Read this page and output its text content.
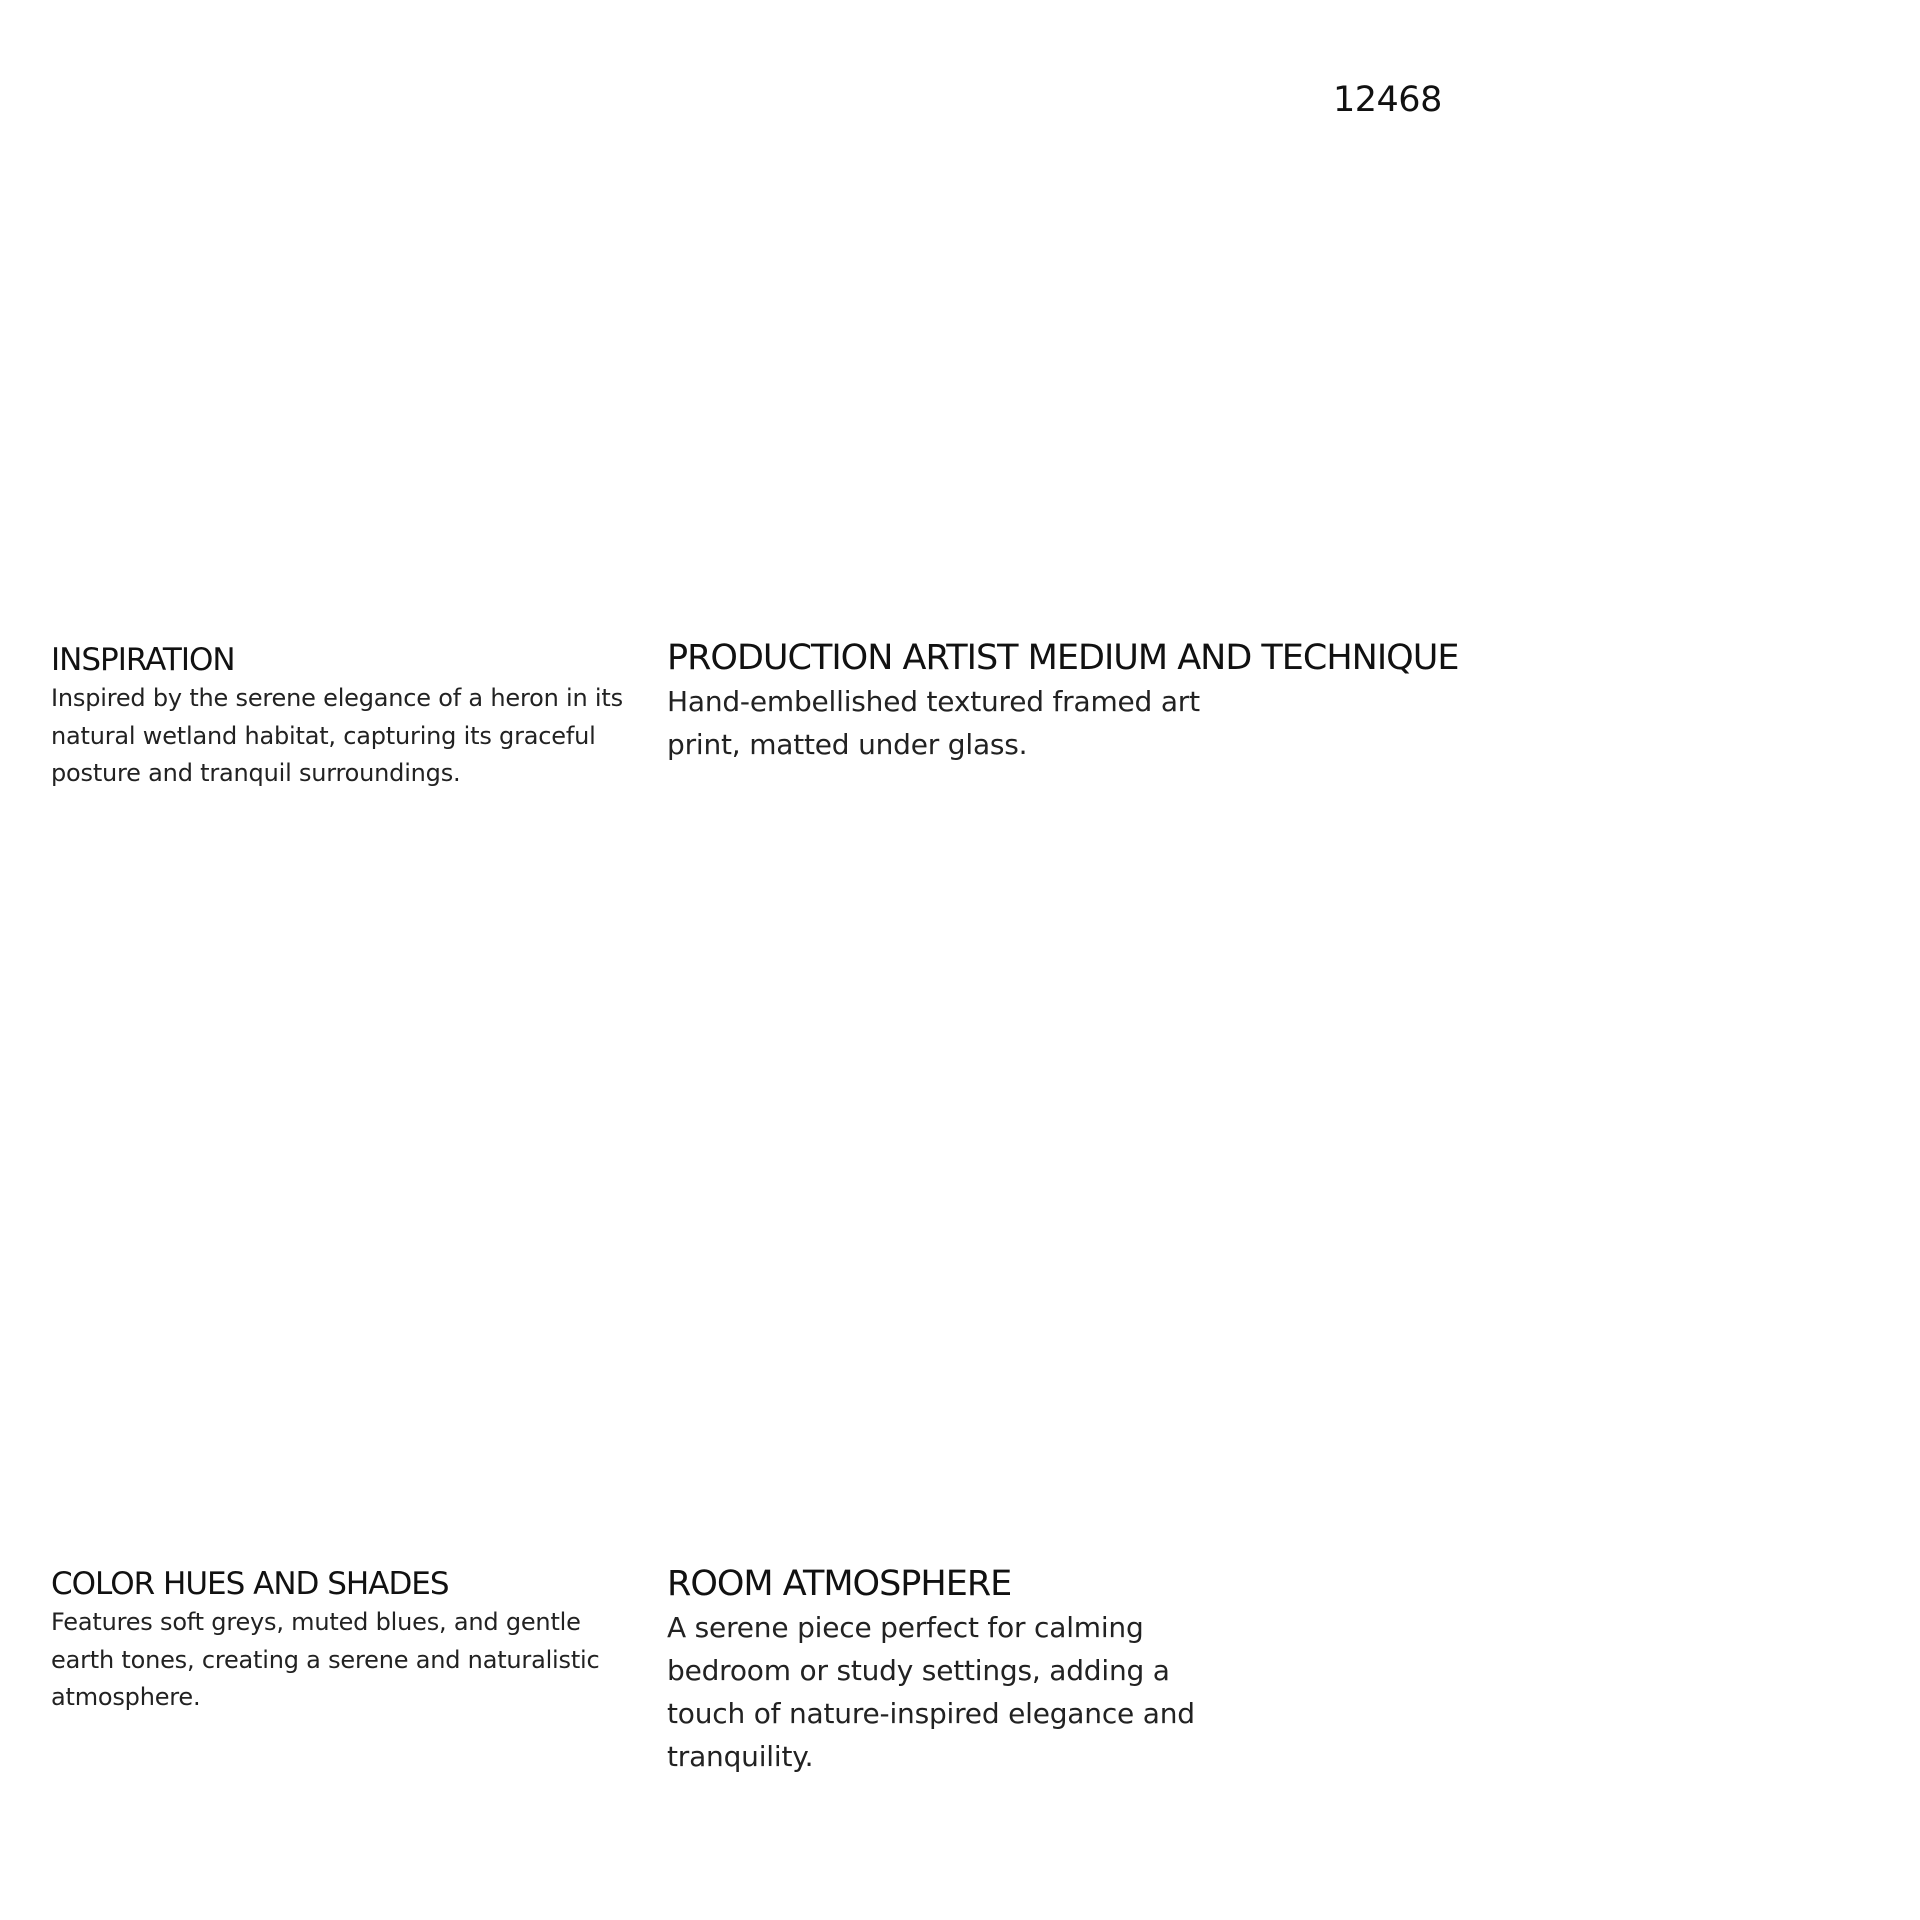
12468
INSPIRATION

Inspired by the serene elegance of a heron in its natural wetland habitat, capturing its graceful posture and tranquil surroundings.

PRODUCTION ARTIST MEDIUM AND TECHNIQUE

Hand-embellished textured framed art print, matted under glass.

COLOR HUES AND SHADES

Features soft greys, muted blues, and gentle earth tones, creating a serene and naturalistic atmosphere.

ROOM ATMOSPHERE

A serene piece perfect for calming bedroom or study settings, adding a touch of nature-inspired elegance and tranquility.
